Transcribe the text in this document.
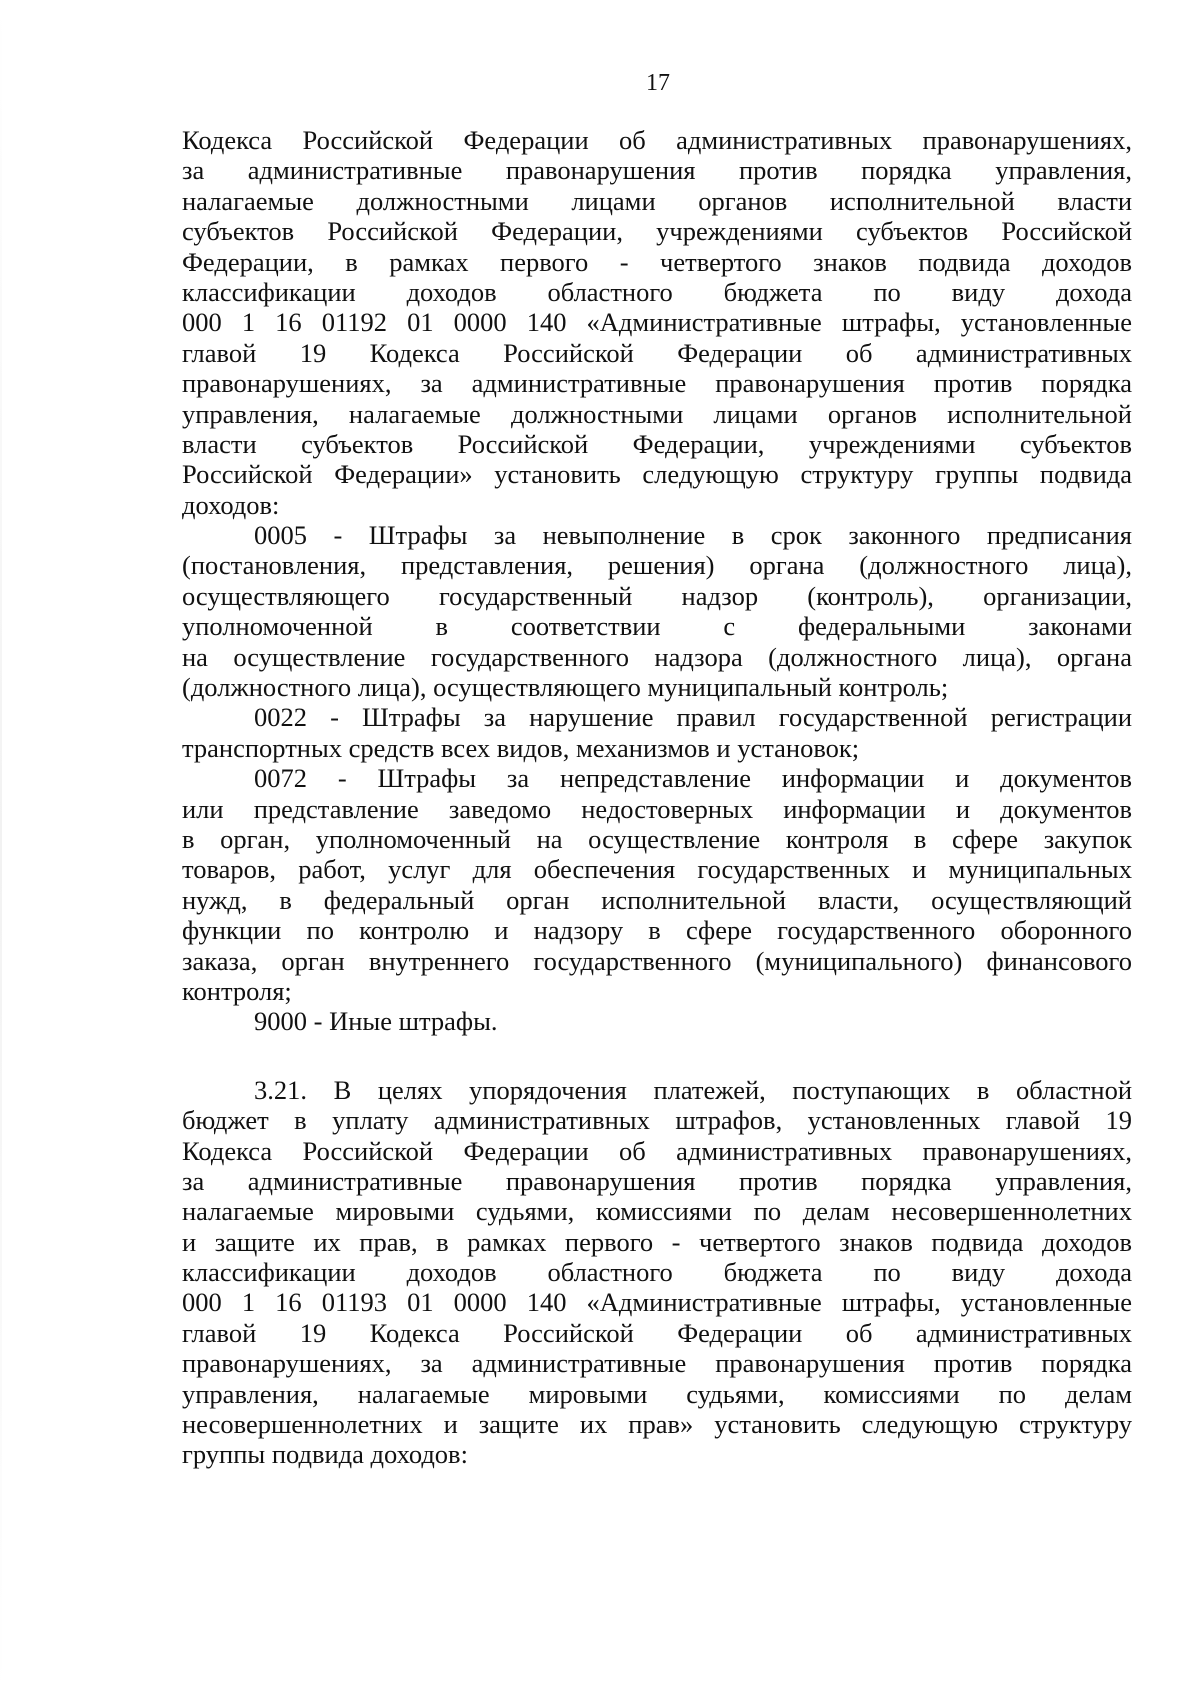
17
Кодекса Российской Федерации об административных правонарушениях,
за административные правонарушения против порядка управления,
налагаемые должностными лицами органов исполнительной власти
субъектов Российской Федерации, учреждениями субъектов Российской
Федерации, в рамках первого - четвертого знаков подвида доходов
классификации доходов областного бюджета по виду дохода
000 1 16 01192 01 0000 140 «Административные штрафы, установленные
главой 19 Кодекса Российской Федерации об административных
правонарушениях, за административные правонарушения против порядка
управления, налагаемые должностными лицами органов исполнительной
власти субъектов Российской Федерации, учреждениями субъектов
Российской Федерации» установить следующую структуру группы подвида
доходов:
0005 - Штрафы за невыполнение в срок законного предписания
(постановления, представления, решения) органа (должностного лица),
осуществляющего государственный надзор (контроль), организации,
уполномоченной в соответствии с федеральными законами
на осуществление государственного надзора (должностного лица), органа
(должностного лица), осуществляющего муниципальный контроль;
0022 - Штрафы за нарушение правил государственной регистрации
транспортных средств всех видов, механизмов и установок;
0072 - Штрафы за непредставление информации и документов
или представление заведомо недостоверных информации и документов
в орган, уполномоченный на осуществление контроля в сфере закупок
товаров, работ, услуг для обеспечения государственных и муниципальных
нужд, в федеральный орган исполнительной власти, осуществляющий
функции по контролю и надзору в сфере государственного оборонного
заказа, орган внутреннего государственного (муниципального) финансового
контроля;
9000 - Иные штрафы.
3.21. В целях упорядочения платежей, поступающих в областной
бюджет в уплату административных штрафов, установленных главой 19
Кодекса Российской Федерации об административных правонарушениях,
за административные правонарушения против порядка управления,
налагаемые мировыми судьями, комиссиями по делам несовершеннолетних
и защите их прав, в рамках первого - четвертого знаков подвида доходов
классификации доходов областного бюджета по виду дохода
000 1 16 01193 01 0000 140 «Административные штрафы, установленные
главой 19 Кодекса Российской Федерации об административных
правонарушениях, за административные правонарушения против порядка
управления, налагаемые мировыми судьями, комиссиями по делам
несовершеннолетних и защите их прав» установить следующую структуру
группы подвида доходов:
